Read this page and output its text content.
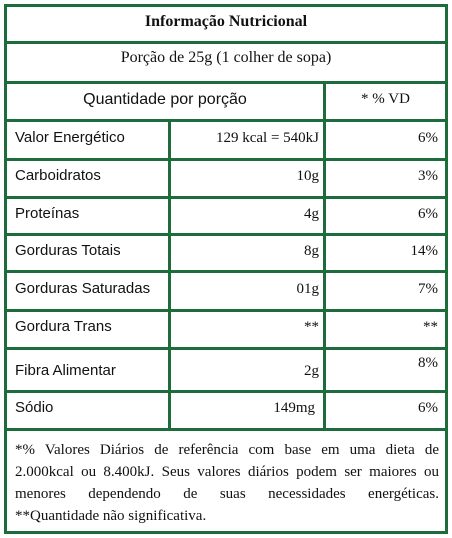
Informação Nutricional
Porção de 25g (1 colher de sopa)
Quantidade por porção	* % VD
Valor Energético	129 kcal = 540kJ	6%
Carboidratos	10g	3%
Proteínas	4g	6%
Gorduras Totais	8g	14%
Gorduras Saturadas	01g	7%
Gordura Trans	**	**
Fibra Alimentar	2g	8%
Sódio	149mg	6%
*% Valores Diários de referência com base em uma dieta de
2.000kcal ou 8.400kJ. Seus valores diários podem ser maiores ou menores dependendo de suas necessidades energéticas.
**Quantidade não significativa.
